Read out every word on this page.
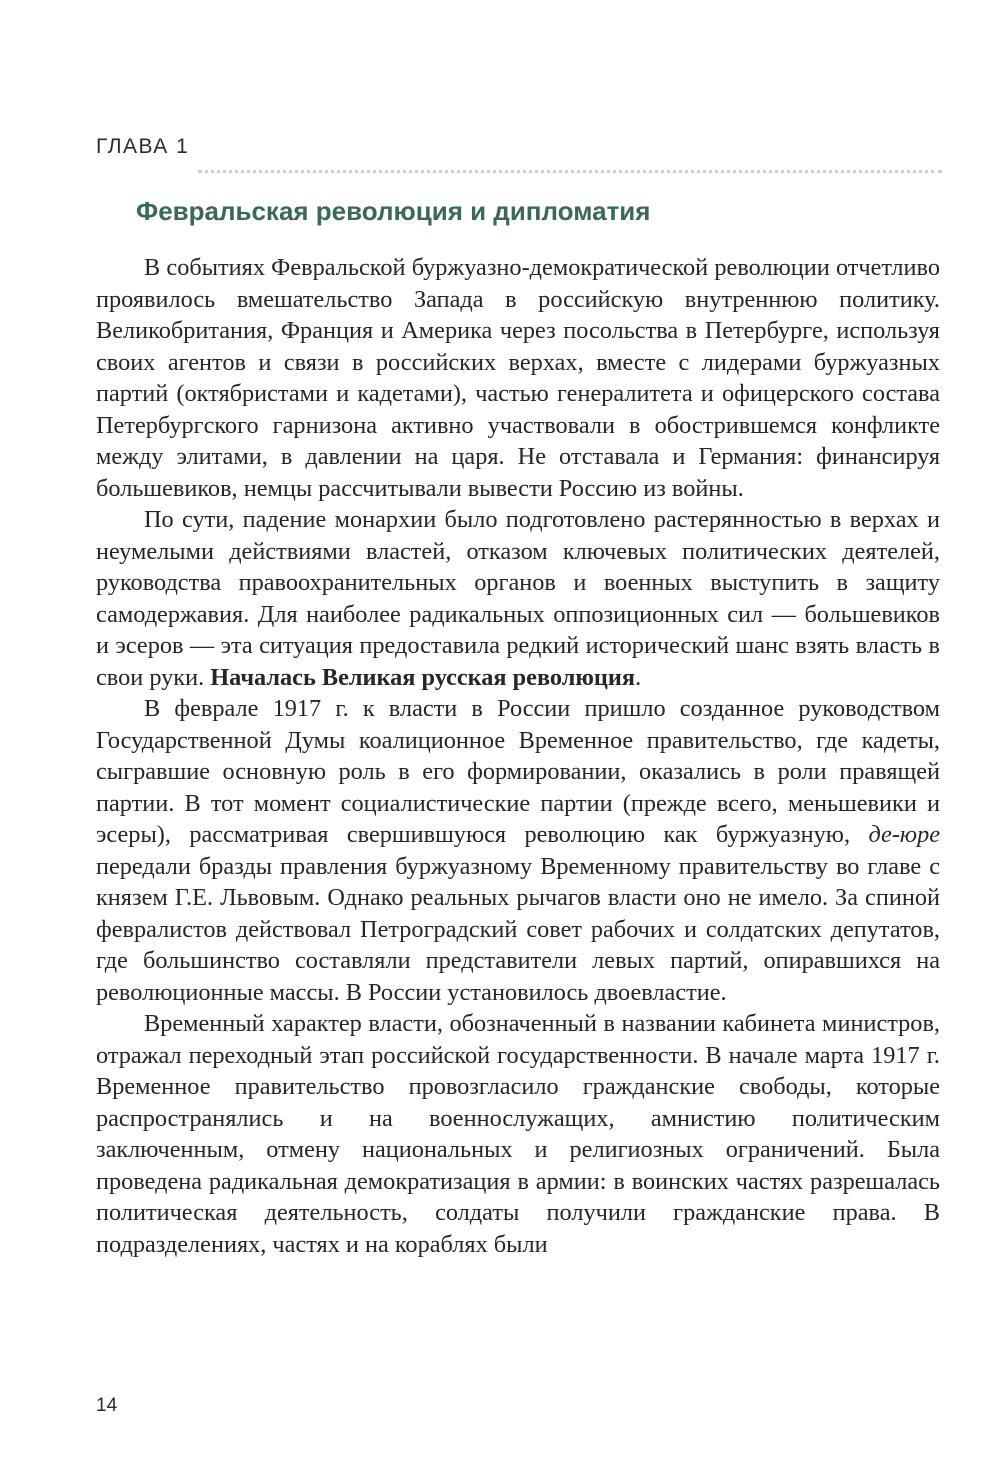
ГЛАВА 1
Февральская революция и дипломатия

В событиях Февральской буржуазно-демократической революции отчетливо проявилось вмешательство Запада в российскую внутреннюю политику. Великобритания, Франция и Америка через посольства в Петербурге, используя своих агентов и связи в российских верхах, вместе с лидерами буржуазных партий (октябристами и кадетами), частью генералитета и офицерского состава Петербургского гарнизона активно участвовали в обострившемся конфликте между элитами, в давлении на царя. Не отставала и Германия: финансируя большевиков, немцы рассчитывали вывести Россию из войны.

По сути, падение монархии было подготовлено растерянностью в верхах и неумелыми действиями властей, отказом ключевых политических деятелей, руководства правоохранительных органов и военных выступить в защиту самодержавия. Для наиболее радикальных оппозиционных сил — большевиков и эсеров — эта ситуация предоставила редкий исторический шанс взять власть в свои руки. Началась Великая русская революция.

В феврале 1917 г. к власти в России пришло созданное руководством Государственной Думы коалиционное Временное правительство, где кадеты, сыгравшие основную роль в его формировании, оказались в роли правящей партии. В тот момент социалистические партии (прежде всего, меньшевики и эсеры), рассматривая свершившуюся революцию как буржуазную, де-юре передали бразды правления буржуазному Временному правительству во главе с князем Г.Е. Львовым. Однако реальных рычагов власти оно не имело. За спиной февралистов действовал Петроградский совет рабочих и солдатских депутатов, где большинство составляли представители левых партий, опиравшихся на революционные массы. В России установилось двоевластие.

Временный характер власти, обозначенный в названии кабинета министров, отражал переходный этап российской государственности. В начале марта 1917 г. Временное правительство провозгласило гражданские свободы, которые распространялись и на военнослужащих, амнистию политическим заключенным, отмену национальных и религиозных ограничений. Была проведена радикальная демократизация в армии: в воинских частях разрешалась политическая деятельность, солдаты получили гражданские права. В подразделениях, частях и на кораблях были

14
